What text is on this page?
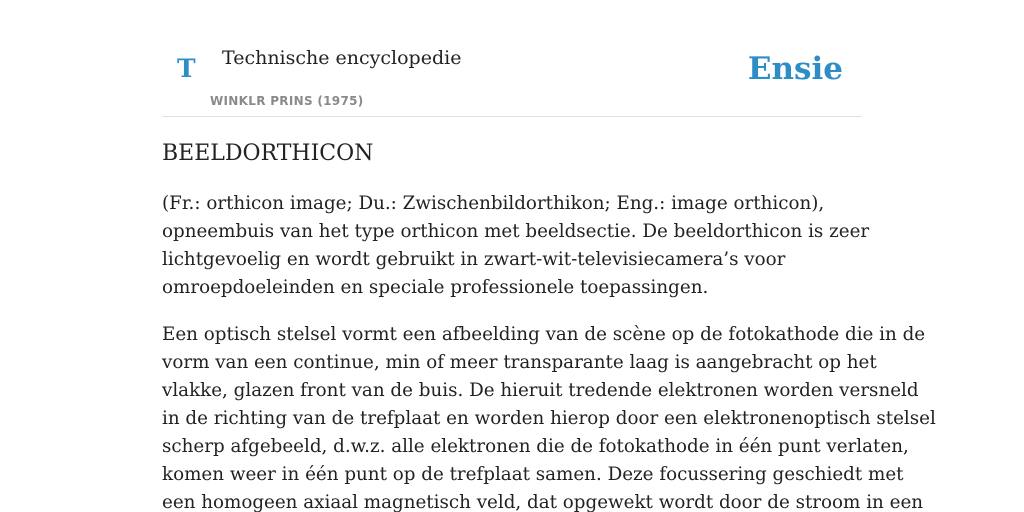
T Technische encyclopedie
WINKLR PRINS (1975)
Ensie
BEELDORTHICON

(Fr.: orthicon image; Du.: Zwischenbildorthikon; Eng.: image orthicon),
opneembuis van het type orthicon met beeldsectie. De beeldorthicon is zeer
lichtgevoelig en wordt gebruikt in zwart-wit-televisiecamera’s voor
omroepdoeleinden en speciale professionele toepassingen.

Een optisch stelsel vormt een afbeelding van de scène op de fotokathode die in de
vorm van een continue, min of meer transparante laag is aangebracht op het
vlakke, glazen front van de buis. De hieruit tredende elektronen worden versneld
in de richting van de trefplaat en worden hierop door een elektronenoptisch stelsel
scherp afgebeeld, d.w.z. alle elektronen die de fotokathode in één punt verlaten,
komen weer in één punt op de trefplaat samen. Deze focussering geschiedt met
een homogeen axiaal magnetisch veld, dat opgewekt wordt door de stroom in een
